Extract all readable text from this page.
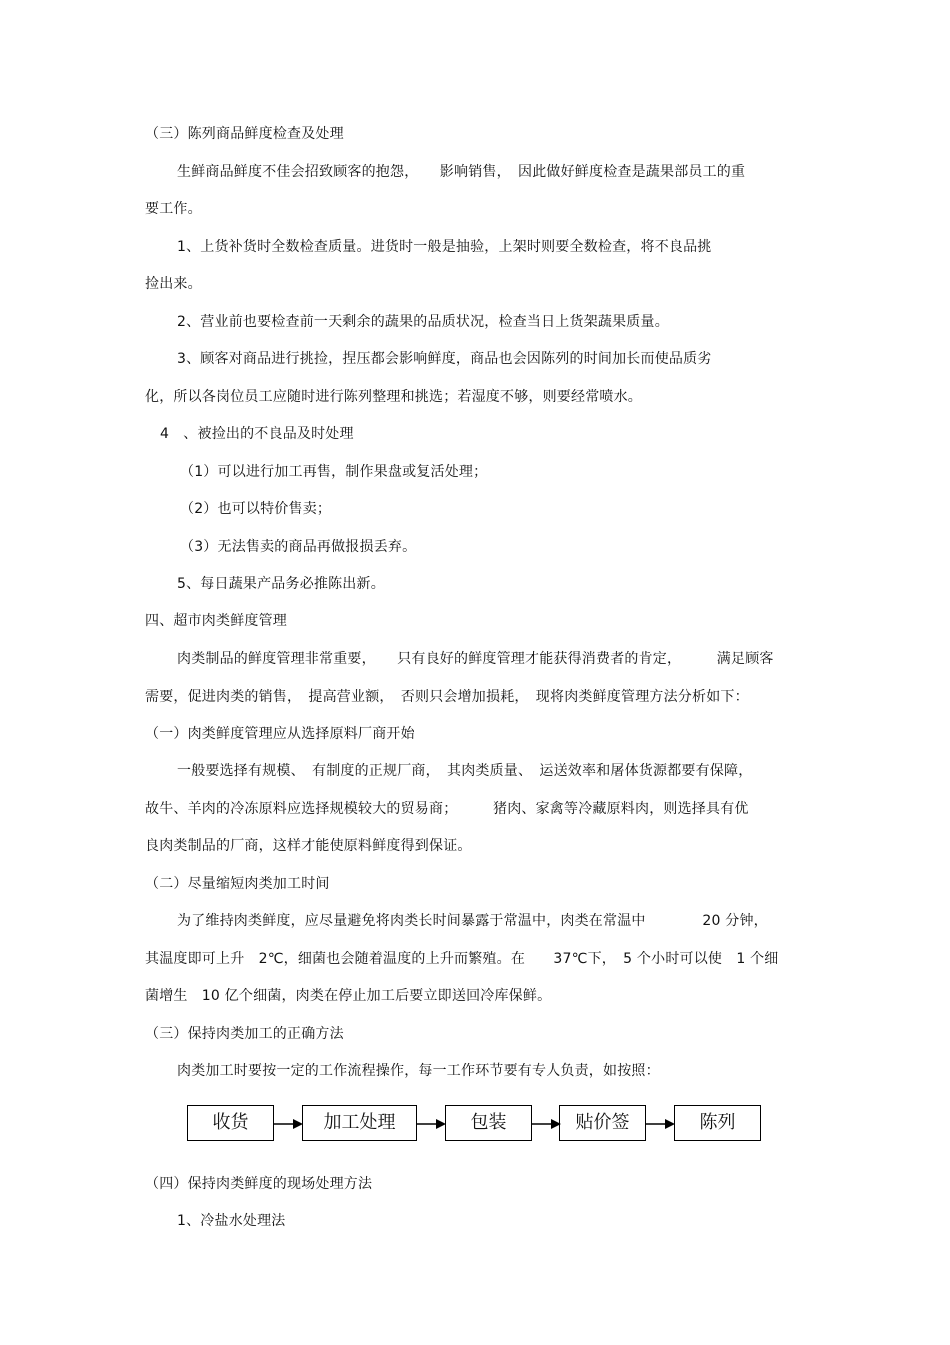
（三）陈列商品鲜度检查及处理
生鲜商品鲜度不佳会招致顾客的抱怨，　　影响销售，　因此做好鲜度检查是蔬果部员工的重
要工作。
1、上货补货时全数检查质量。进货时一般是抽验，上架时则要全数检查，将不良品挑
捡出来。
2、营业前也要检查前一天剩余的蔬果的品质状况，检查当日上货架蔬果质量。
3、顾客对商品进行挑捡，捏压都会影响鲜度，商品也会因陈列的时间加长而使品质劣
化，所以各岗位员工应随时进行陈列整理和挑选；若湿度不够，则要经常喷水。
4　、被捡出的不良品及时处理
（1）可以进行加工再售，制作果盘或复活处理；
（2）也可以特价售卖；
（3）无法售卖的商品再做报损丢弃。
5、每日蔬果产品务必推陈出新。
四、超市肉类鲜度管理
肉类制品的鲜度管理非常重要，　　只有良好的鲜度管理才能获得消费者的肯定，　　　满足顾客
需要，促进肉类的销售，　提高营业额，　否则只会增加损耗，　现将肉类鲜度管理方法分析如下：
（一）肉类鲜度管理应从选择原料厂商开始
一般要选择有规模、　有制度的正规厂商，　其肉类质量、　运送效率和屠体货源都要有保障，
故牛、羊肉的冷冻原料应选择规模较大的贸易商；　　　猪肉、家禽等冷藏原料肉，则选择具有优
良肉类制品的厂商，这样才能使原料鲜度得到保证。
（二）尽量缩短肉类加工时间
为了维持肉类鲜度，应尽量避免将肉类长时间暴露于常温中，肉类在常温中　　　　20 分钟，
其温度即可上升　2℃，细菌也会随着温度的上升而繁殖。在　　37℃下，　5 个小时可以使　1 个细
菌增生　10 亿个细菌，肉类在停止加工后要立即送回冷库保鲜。
（三）保持肉类加工的正确方法
肉类加工时要按一定的工作流程操作，每一工作环节要有专人负责，如按照：
收货	加工处理	包装	贴价签	陈列
（四）保持肉类鲜度的现场处理方法
1、冷盐水处理法
